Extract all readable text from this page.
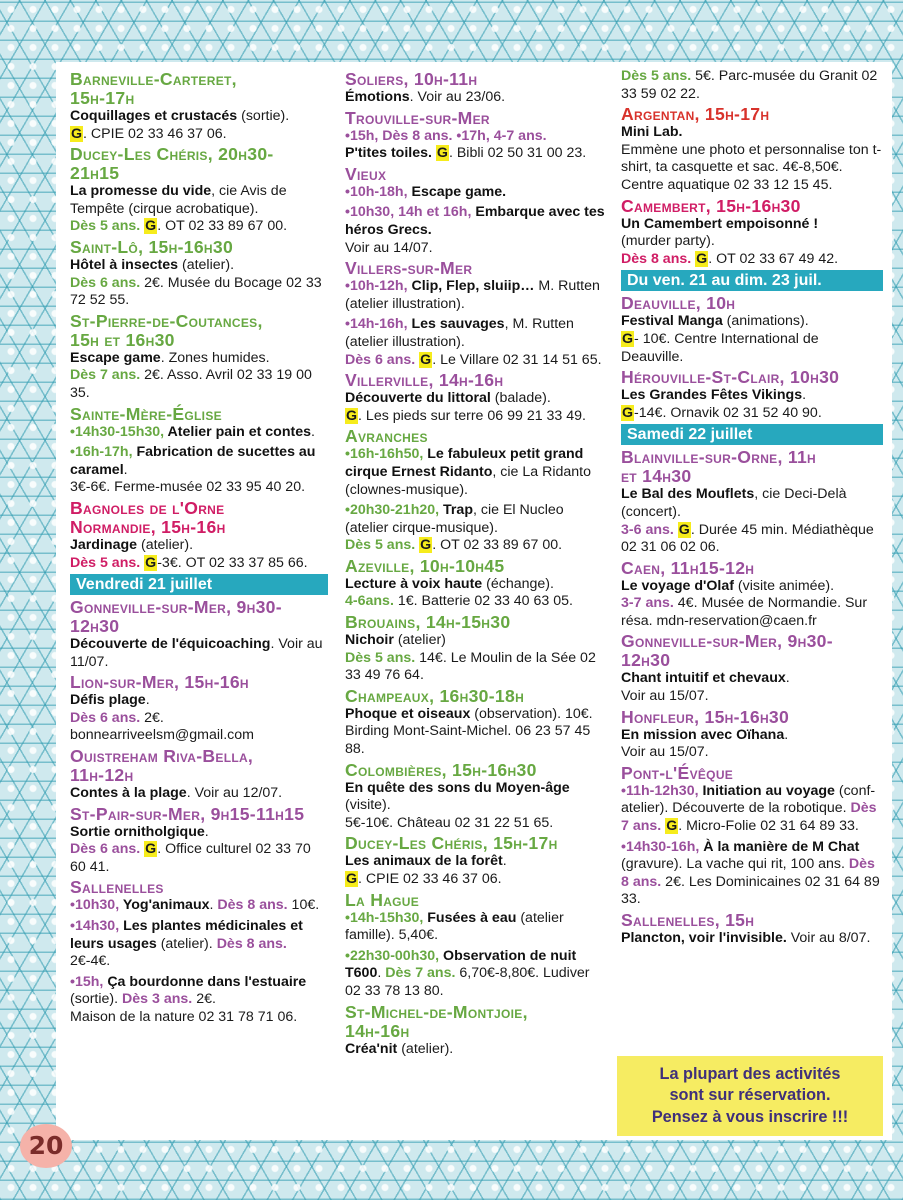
Barneville-Carteret,
15h-17h

Coquillages et crustacés (sortie).
G. CPIE 02 33 46 37 06.

Ducey-Les Chéris, 20h30-
21h15

La promesse du vide, cie Avis de Tempête (cirque acrobatique).
Dès 5 ans. G. OT 02 33 89 67 00.

Saint-Lô, 15h-16h30

Hôtel à insectes (atelier).
Dès 6 ans. 2€. Musée du Bocage 02 33 72 52 55.

St-Pierre-de-Coutances,
15h et 16h30

Escape game. Zones humides.
Dès 7 ans. 2€. Asso. Avril 02 33 19 00 35.

Sainte-Mère-Église

•14h30-15h30, Atelier pain et contes.

•16h-17h, Fabrication de sucettes au caramel.
3€-6€. Ferme-musée 02 33 95 40 20.

Bagnoles de l'Orne
Normandie, 15h-16h

Jardinage (atelier).
Dès 5 ans. G-3€. OT 02 33 37 85 66.

Vendredi 21 juillet
Gonneville-sur-Mer, 9h30-
12h30

Découverte de l'équicoaching. Voir au 11/07.

Lion-sur-Mer, 15h-16h

Défis plage.
Dès 6 ans. 2€.
bonnearriveelsm@gmail.com

Ouistreham Riva-Bella,
11h-12h

Contes à la plage. Voir au 12/07.

St-Pair-sur-Mer, 9h15-11h15

Sortie ornitholgique.
Dès 6 ans. G. Office culturel 02 33 70 60 41.

Sallenelles

•10h30, Yog'animaux. Dès 8 ans. 10€.

•14h30, Les plantes médicinales et leurs usages (atelier). Dès 8 ans. 2€-4€.

•15h, Ça bourdonne dans l'estuaire (sortie). Dès 3 ans. 2€.
Maison de la nature 02 31 78 71 06.

Soliers, 10h-11h

Émotions. Voir au 23/06.

Trouville-sur-Mer

•15h, Dès 8 ans. •17h, 4-7 ans.
P'tites toiles. G. Bibli 02 50 31 00 23.

Vieux

•10h-18h, Escape game.

•10h30, 14h et 16h, Embarque avec tes héros Grecs.
Voir au 14/07.

Villers-sur-Mer

•10h-12h, Clip, Flep, sluiip… M. Rutten (atelier illustration).

•14h-16h, Les sauvages, M. Rutten (atelier illustration).
Dès 6 ans. G. Le Villare 02 31 14 51 65.

Villerville, 14h-16h

Découverte du littoral (balade).
G. Les pieds sur terre 06 99 21 33 49.

Avranches

•16h-16h50, Le fabuleux petit grand cirque Ernest Ridanto, cie La Ridanto (clownes-musique).

•20h30-21h20, Trap, cie El Nucleo (atelier cirque-musique).
Dès 5 ans. G. OT 02 33 89 67 00.

Azeville, 10h-10h45

Lecture à voix haute (échange).
4-6ans. 1€. Batterie 02 33 40 63 05.

Brouains, 14h-15h30

Nichoir (atelier)
Dès 5 ans. 14€. Le Moulin de la Sée 02 33 49 76 64.

Champeaux, 16h30-18h

Phoque et oiseaux (observation). 10€. Birding Mont-Saint-Michel. 06 23 57 45 88.

Colombières, 15h-16h30

En quête des sons du Moyen-âge (visite).
5€-10€. Château 02 31 22 51 65.

Ducey-Les Chéris, 15h-17h

Les animaux de la forêt.
G. CPIE 02 33 46 37 06.

La Hague

•14h-15h30, Fusées à eau (atelier famille). 5,40€.

•22h30-00h30, Observation de nuit T600. Dès 7 ans. 6,70€-8,80€. Ludiver 02 33 78 13 80.

St-Michel-de-Montjoie,
14h-16h

Créa'nit (atelier).

Dès 5 ans. 5€. Parc-musée du Granit 02 33 59 02 22.

Argentan, 15h-17h

Mini Lab.
Emmène une photo et personnalise ton t-shirt, ta casquette et sac. 4€-8,50€. Centre aquatique 02 33 12 15 45.

Camembert, 15h-16h30

Un Camembert empoisonné !
(murder party).
Dès 8 ans. G. OT 02 33 67 49 42.

Du ven. 21 au dim. 23 juil.
Deauville, 10h

Festival Manga (animations).
G- 10€. Centre International de Deauville.

Hérouville-St-Clair, 10h30

Les Grandes Fêtes Vikings.
G-14€. Ornavik 02 31 52 40 90.

Samedi 22 juillet
Blainville-sur-Orne, 11h
et 14h30

Le Bal des Mouflets, cie Deci-Delà (concert).
3-6 ans. G. Durée 45 min. Médiathèque 02 31 06 02 06.

Caen, 11h15-12h

Le voyage d'Olaf (visite animée).
3-7 ans. 4€. Musée de Normandie. Sur résa. mdn-reservation@caen.fr

Gonneville-sur-Mer, 9h30-
12h30

Chant intuitif et chevaux.
Voir au 15/07.

Honfleur, 15h-16h30

En mission avec Oïhana.
Voir au 15/07.

Pont-l'Évêque

•11h-12h30, Initiation au voyage (conf-atelier). Découverte de la robotique. Dès 7 ans. G. Micro-Folie 02 31 64 89 33.

•14h30-16h, À la manière de M Chat (gravure). La vache qui rit, 100 ans. Dès 8 ans. 2€. Les Dominicaines 02 31 64 89 33.

Sallenelles, 15h

Plancton, voir l'invisible. Voir au 8/07.

La plupart des activités
sont sur réservation.
Pensez à vous inscrire !!!
20
